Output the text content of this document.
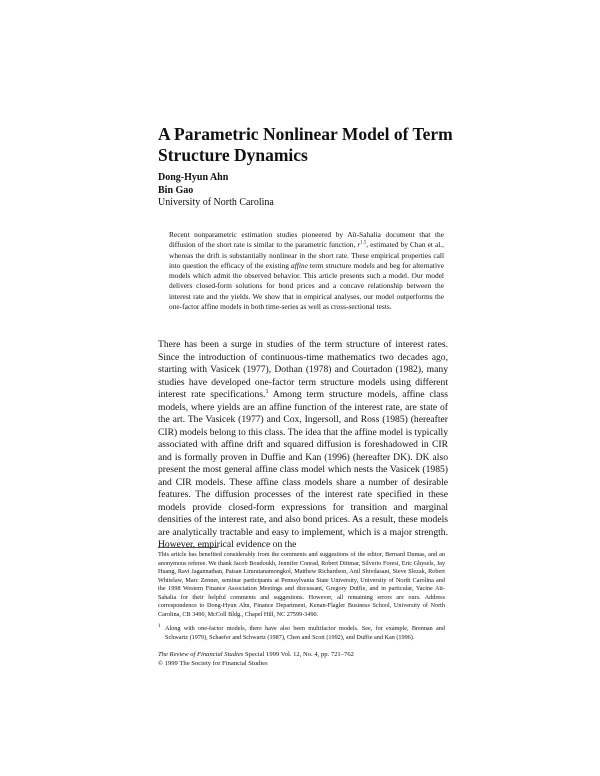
A Parametric Nonlinear Model of Term Structure Dynamics
Dong-Hyun Ahn
Bin Gao
University of North Carolina

Recent nonparametric estimation studies pioneered by Aït-Sahalia document that the diffusion of the short rate is similar to the parametric function, $r^{1.5}$, estimated by Chan et al., whereas the drift is substantially nonlinear in the short rate. These empirical properties call into question the efficacy of the existing affine term structure models and beg for alternative models which admit the observed behavior. This article presents such a model. Our model delivers closed-form solutions for bond prices and a concave relationship between the interest rate and the yields. We show that in empirical analyses, our model outperforms the one-factor affine models in both time-series as well as cross-sectional tests.

There has been a surge in studies of the term structure of interest rates. Since the introduction of continuous-time mathematics two decades ago, starting with Vasicek (1977), Dothan (1978) and Courtadon (1982), many studies have developed one-factor term structure models using different interest rate specifications.$^1$ Among term structure models, affine class models, where yields are an affine function of the interest rate, are state of the art. The Vasicek (1977) and Cox, Ingersoll, and Ross (1985) (hereafter CIR) models belong to this class. The idea that the affine model is typically associated with affine drift and squared diffusion is foreshadowed in CIR and is formally proven in Duffie and Kan (1996) (hereafter DK). DK also present the most general affine class model which nests the Vasicek (1985) and CIR models. These affine class models share a number of desirable features. The diffusion processes of the interest rate specified in these models provide closed-form expressions for transition and marginal densities of the interest rate, and also bond prices. As a result, these models are analytically tractable and easy to implement, which is a major strength. However, empirical evidence on the

This article has benefited considerably from the comments and suggestions of the editor, Bernard Dumas, and an anonymous referee. We thank Jacob Boudoukh, Jennifer Conrad, Robert Dittmar, Silverio Foresi, Eric Ghysels, Jay Huang, Ravi Jagannathan, Paisan Limratanamongkol, Matthew Richardson, Anil Shivdasani, Steve Slezak, Robert Whitelaw, Marc Zenner, seminar participants at Pennsylvania State University, University of North Carolina and the 1998 Western Finance Association Meetings and discussant, Gregory Duffie, and in particular, Yacine Aït-Sahalia for their helpful comments and suggestions. However, all remaining errors are ours. Address correspondence to Dong-Hyun Ahn, Finance Department, Kenan-Flagler Business School, University of North Carolina, CB 3490, McColl Bldg., Chapel Hill, NC 27599-3490.

1 Along with one-factor models, there have also been multifactor models. See, for example, Brennan and Schwartz (1979), Schaefer and Schwartz (1987), Chen and Scott (1992), and Duffie and Kan (1996).

The Review of Financial Studies Special 1999 Vol. 12, No. 4, pp. 721–762
© 1999 The Society for Financial Studies
